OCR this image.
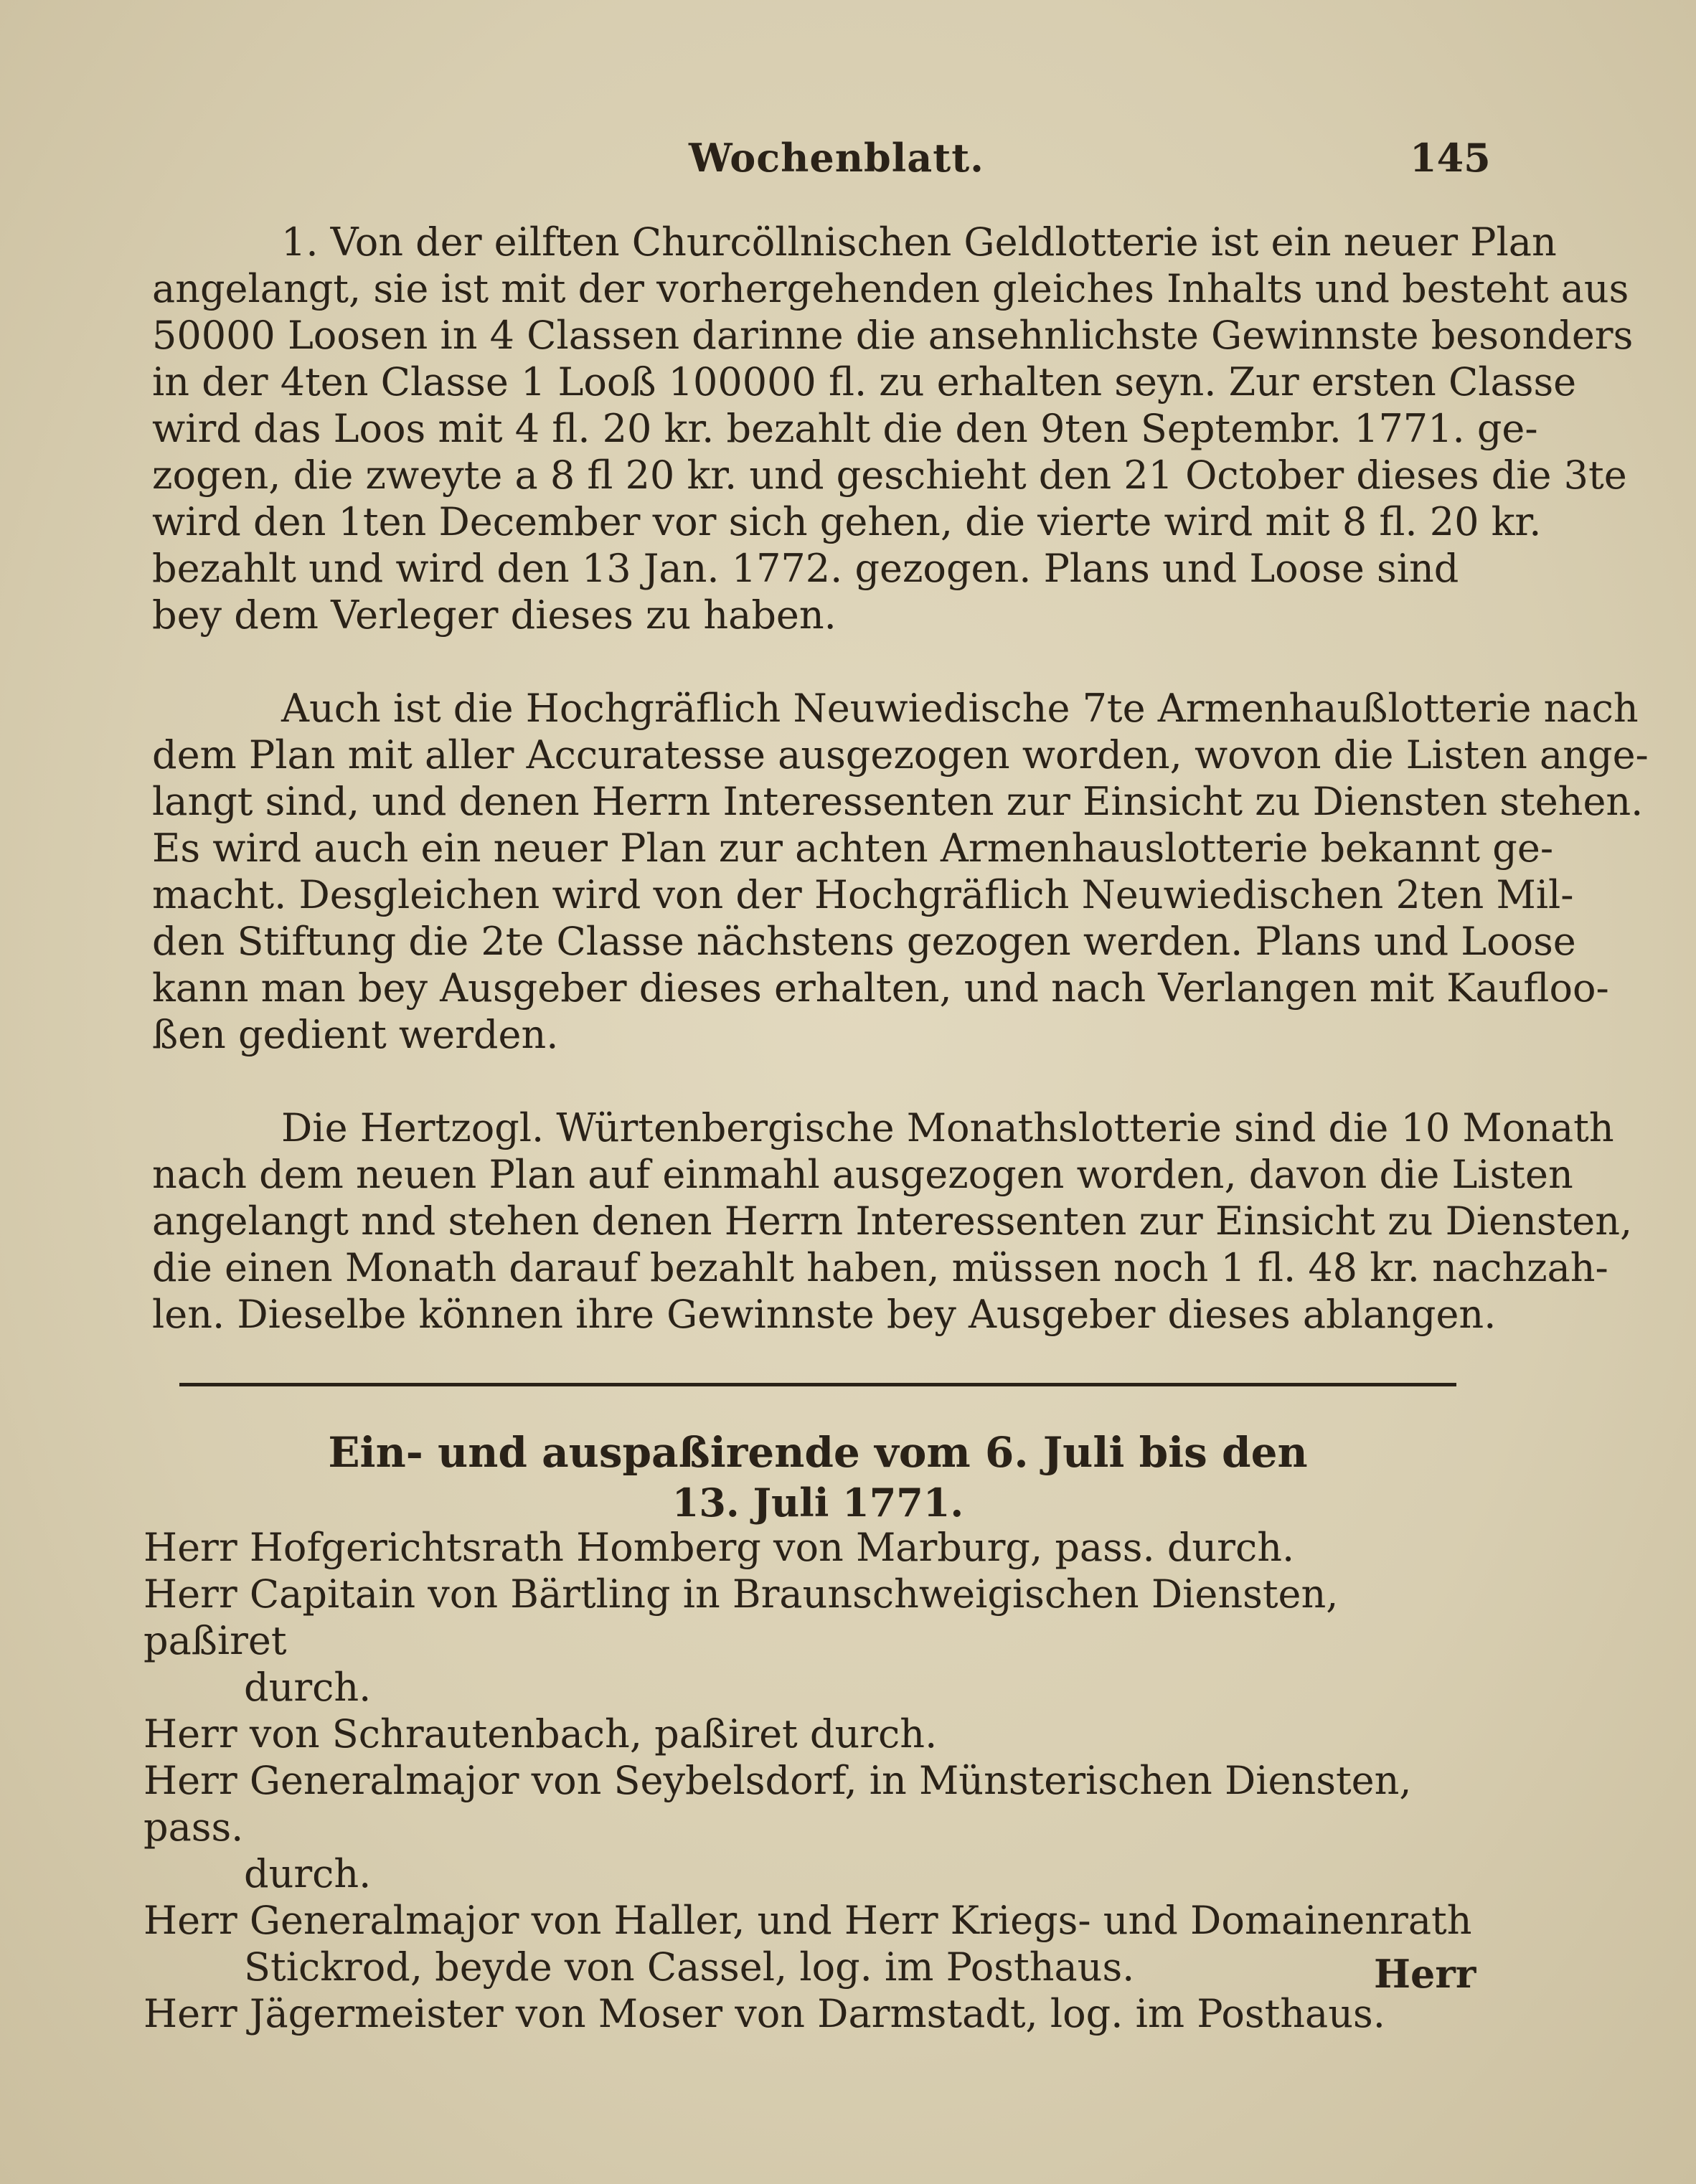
Wochenblatt.	145
1. Von der eilften Churcöllnischen Geldlotterie ist ein neuer Plan
angelangt, sie ist mit der vorhergehenden gleiches Inhalts und besteht aus
50000 Loosen in 4 Classen darinne die ansehnlichste Gewinnste besonders
in der 4ten Classe 1 Looß 100000 fl. zu erhalten seyn. Zur ersten Classe
wird das Loos mit 4 fl. 20 kr. bezahlt die den 9ten Septembr. 1771. ge-
zogen, die zweyte a 8 fl 20 kr. und geschieht den 21 October dieses die 3te
wird den 1ten December vor sich gehen, die vierte wird mit 8 fl. 20 kr.
bezahlt und wird den 13 Jan. 1772. gezogen. Plans und Loose sind
bey dem Verleger dieses zu haben.
Auch ist die Hochgräflich Neuwiedische 7te Armenhaußlotterie nach
dem Plan mit aller Accuratesse ausgezogen worden, wovon die Listen ange-
langt sind, und denen Herrn Interessenten zur Einsicht zu Diensten stehen.
Es wird auch ein neuer Plan zur achten Armenhauslotterie bekannt ge-
macht. Desgleichen wird von der Hochgräflich Neuwiedischen 2ten Mil-
den Stiftung die 2te Classe nächstens gezogen werden. Plans und Loose
kann man bey Ausgeber dieses erhalten, und nach Verlangen mit Kaufloo-
ßen gedient werden.
Die Hertzogl. Würtenbergische Monathslotterie sind die 10 Monath
nach dem neuen Plan auf einmahl ausgezogen worden, davon die Listen
angelangt nnd stehen denen Herrn Interessenten zur Einsicht zu Diensten,
die einen Monath darauf bezahlt haben, müssen noch 1 fl. 48 kr. nachzah-
len. Dieselbe können ihre Gewinnste bey Ausgeber dieses ablangen.
Ein- und auspaßirende vom 6. Juli bis den
13. Juli 1771.
Herr Hofgerichtsrath Homberg von Marburg, pass. durch.
Herr Capitain von Bärtling in Braunschweigischen Diensten, paßiret
durch.
Herr von Schrautenbach, paßiret durch.
Herr Generalmajor von Seybelsdorf, in Münsterischen Diensten, pass.
durch.
Herr Generalmajor von Haller, und Herr Kriegs- und Domainenrath
Stickrod, beyde von Cassel, log. im Posthaus.
Herr Jägermeister von Moser von Darmstadt, log. im Posthaus.
Herr
